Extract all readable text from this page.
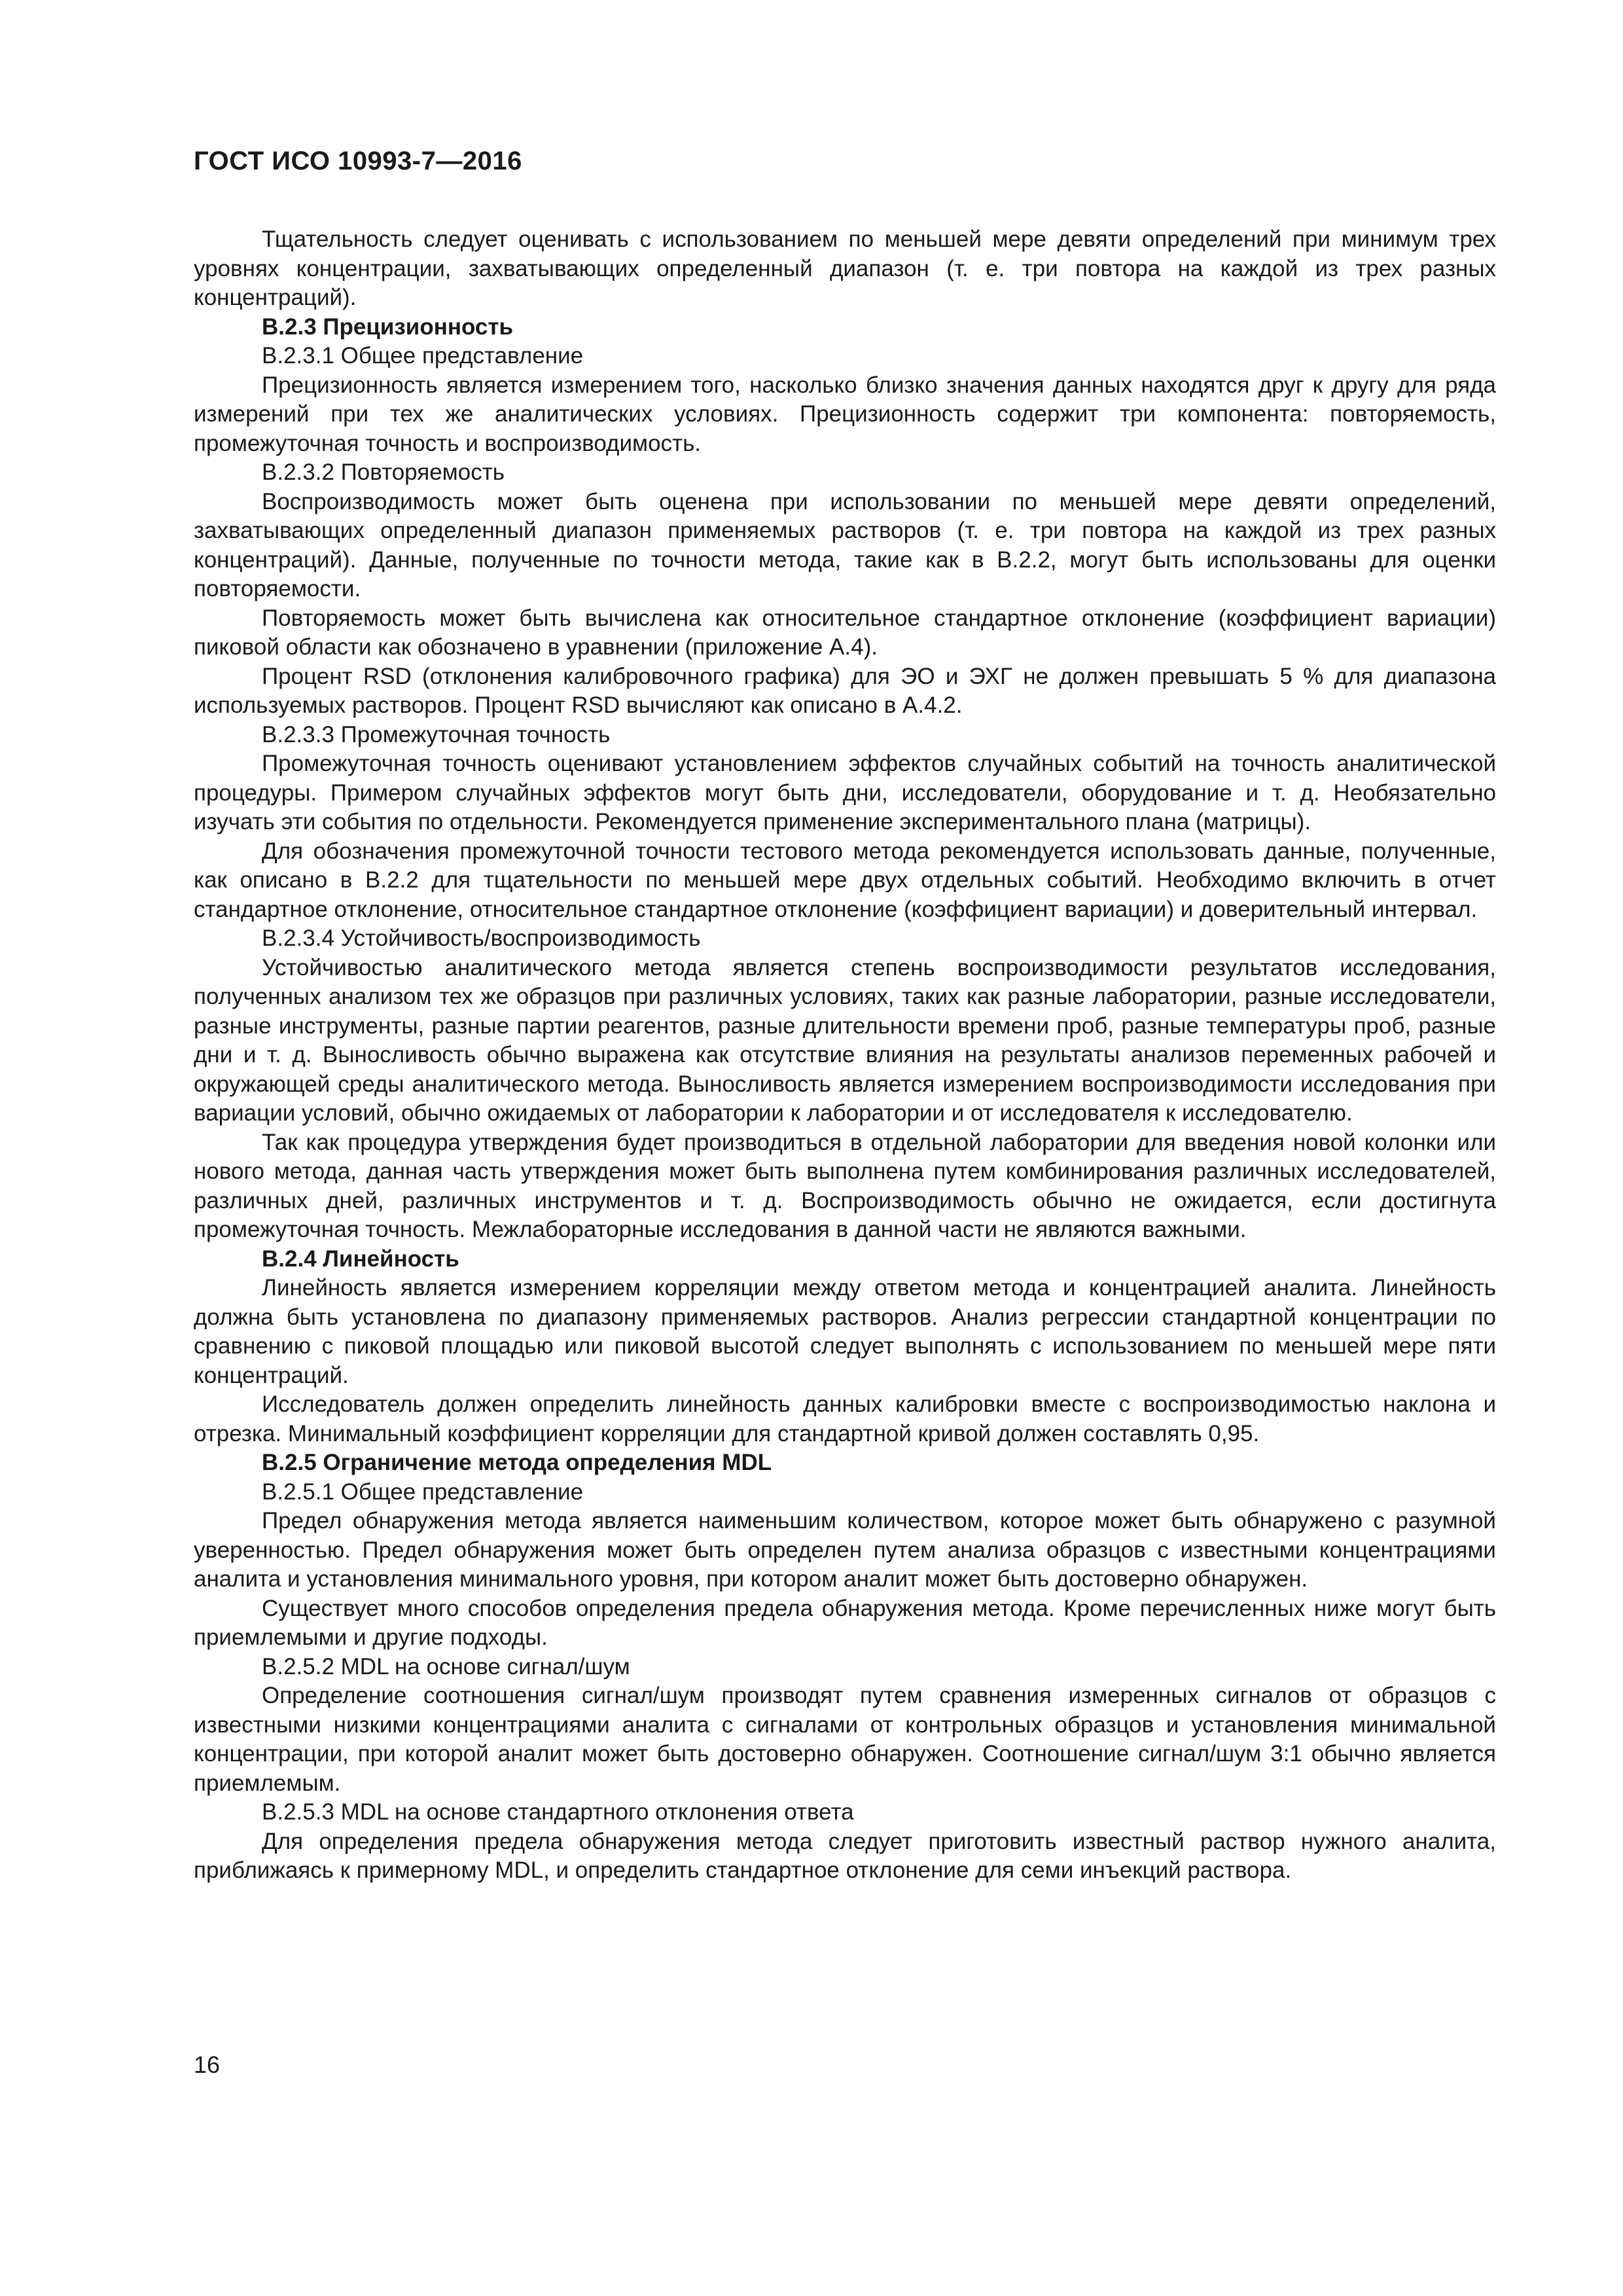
ГОСТ ИСО 10993-7—2016

Тщательность следует оценивать с использованием по меньшей мере девяти определений при минимум трех уровнях концентрации, захватывающих определенный диапазон (т. е. три повтора на каждой из трех разных концентраций).

В.2.3 Прецизионность

В.2.3.1 Общее представление

Прецизионность является измерением того, насколько близко значения данных находятся друг к другу для ряда измерений при тех же аналитических условиях. Прецизионность содержит три компонента: повторяемость, промежуточная точность и воспроизводимость.

В.2.3.2 Повторяемость

Воспроизводимость может быть оценена при использовании по меньшей мере девяти определений, захватывающих определенный диапазон применяемых растворов (т. е. три повтора на каждой из трех разных концентраций). Данные, полученные по точности метода, такие как в В.2.2, могут быть использованы для оценки повторяемости.

Повторяемость может быть вычислена как относительное стандартное отклонение (коэффициент вариации) пиковой области как обозначено в уравнении (приложение А.4).

Процент RSD (отклонения калибровочного графика) для ЭО и ЭХГ не должен превышать 5 % для диапазона используемых растворов. Процент RSD вычисляют как описано в А.4.2.

В.2.3.3 Промежуточная точность

Промежуточная точность оценивают установлением эффектов случайных событий на точность аналитической процедуры. Примером случайных эффектов могут быть дни, исследователи, оборудование и т. д. Необязательно изучать эти события по отдельности. Рекомендуется применение экспериментального плана (матрицы).

Для обозначения промежуточной точности тестового метода рекомендуется использовать данные, полученные, как описано в В.2.2 для тщательности по меньшей мере двух отдельных событий. Необходимо включить в отчет стандартное отклонение, относительное стандартное отклонение (коэффициент вариации) и доверительный интервал.

В.2.3.4 Устойчивость/воспроизводимость

Устойчивостью аналитического метода является степень воспроизводимости результатов исследования, полученных анализом тех же образцов при различных условиях, таких как разные лаборатории, разные исследователи, разные инструменты, разные партии реагентов, разные длительности времени проб, разные температуры проб, разные дни и т. д. Выносливость обычно выражена как отсутствие влияния на результаты анализов переменных рабочей и окружающей среды аналитического метода. Выносливость является измерением воспроизводимости исследования при вариации условий, обычно ожидаемых от лаборатории к лаборатории и от исследователя к исследователю.

Так как процедура утверждения будет производиться в отдельной лаборатории для введения новой колонки или нового метода, данная часть утверждения может быть выполнена путем комбинирования различных исследователей, различных дней, различных инструментов и т. д. Воспроизводимость обычно не ожидается, если достигнута промежуточная точность. Межлабораторные исследования в данной части не являются важными.

В.2.4 Линейность

Линейность является измерением корреляции между ответом метода и концентрацией аналита. Линейность должна быть установлена по диапазону применяемых растворов. Анализ регрессии стандартной концентрации по сравнению с пиковой площадью или пиковой высотой следует выполнять с использованием по меньшей мере пяти концентраций.

Исследователь должен определить линейность данных калибровки вместе с воспроизводимостью наклона и отрезка. Минимальный коэффициент корреляции для стандартной кривой должен составлять 0,95.

В.2.5 Ограничение метода определения MDL

В.2.5.1 Общее представление

Предел обнаружения метода является наименьшим количеством, которое может быть обнаружено с разумной уверенностью. Предел обнаружения может быть определен путем анализа образцов с известными концентрациями аналита и установления минимального уровня, при котором аналит может быть достоверно обнаружен.

Существует много способов определения предела обнаружения метода. Кроме перечисленных ниже могут быть приемлемыми и другие подходы.

В.2.5.2 MDL на основе сигнал/шум

Определение соотношения сигнал/шум производят путем сравнения измеренных сигналов от образцов с известными низкими концентрациями аналита с сигналами от контрольных образцов и установления минимальной концентрации, при которой аналит может быть достоверно обнаружен. Соотношение сигнал/шум 3:1 обычно является приемлемым.

В.2.5.3 MDL на основе стандартного отклонения ответа

Для определения предела обнаружения метода следует приготовить известный раствор нужного аналита, приближаясь к примерному MDL, и определить стандартное отклонение для семи инъекций раствора.

16
